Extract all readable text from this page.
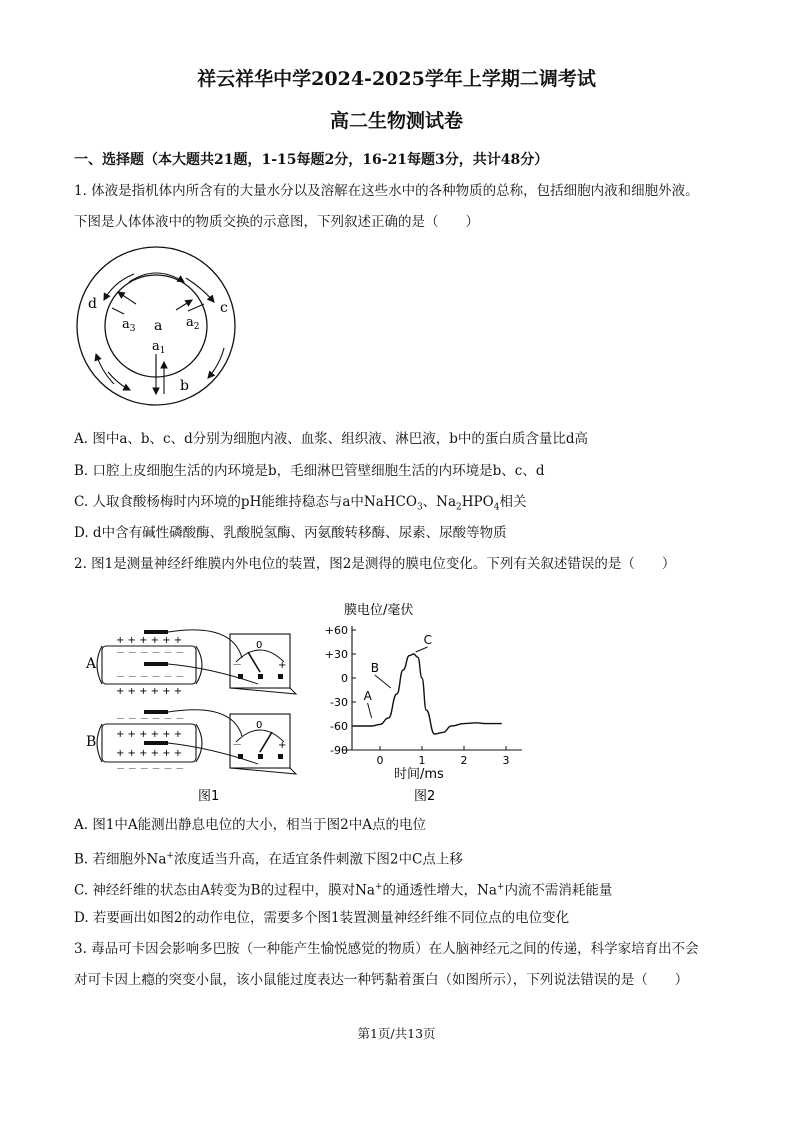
祥云祥华中学2024-2025学年上学期二调考试
高二生物测试卷
一、选择题（本大题共21题，1-15每题2分，16-21每题3分，共计48分）
1. 体液是指机体内所含有的大量水分以及溶解在这些水中的各种物质的总称，包括细胞内液和细胞外液。
下图是人体体液中的物质交换的示意图，下列叙述正确的是（　　）
a
$a_1$
$a_2$
$a_3$
b
c
d
A. 图中a、b、c、d分别为细胞内液、血浆、组织液、淋巴液，b中的蛋白质含量比d高
B. 口腔上皮细胞生活的内环境是b，毛细淋巴管壁细胞生活的内环境是b、c、d
C. 人取食酸杨梅时内环境的pH能维持稳态与a中NaHCO$_3$、$Na_2HPO_4$相关
D. d中含有碱性磷酸酶、乳酸脱氢酶、丙氨酸转移酶、尿素、尿酸等物质
2. 图1是测量神经纤维膜内外电位的装置，图2是测得的膜电位变化。下列有关叙述错误的是（　　）
A
+ + + + + +
－ － － － － －
－ － － － － －
+ + + + + +
0
－	+
B
－ － － － － －
+ + + + + +
+ + + + + +
－ － － － － －
0
－	+
图1
膜电位/毫伏
+60
+30
0
-30
-60
-90
0	1	2	3
A
B
C
时间/ms
图2
A. 图1中A能测出静息电位的大小，相当于图2中A点的电位
B. 若细胞外Na+浓度适当升高，在适宜条件刺激下图2中C点上移
C. 神经纤维的状态由A转变为B的过程中，膜对Na+的通透性增大，Na+内流不需消耗能量
D. 若要画出如图2的动作电位，需要多个图1装置测量神经纤维不同位点的电位变化
3. 毒品可卡因会影响多巴胺（一种能产生愉悦感觉的物质）在人脑神经元之间的传递，科学家培育出不会
对可卡因上瘾的突变小鼠，该小鼠能过度表达一种钙黏着蛋白（如图所示），下列说法错误的是（　　）
第1页/共13页
